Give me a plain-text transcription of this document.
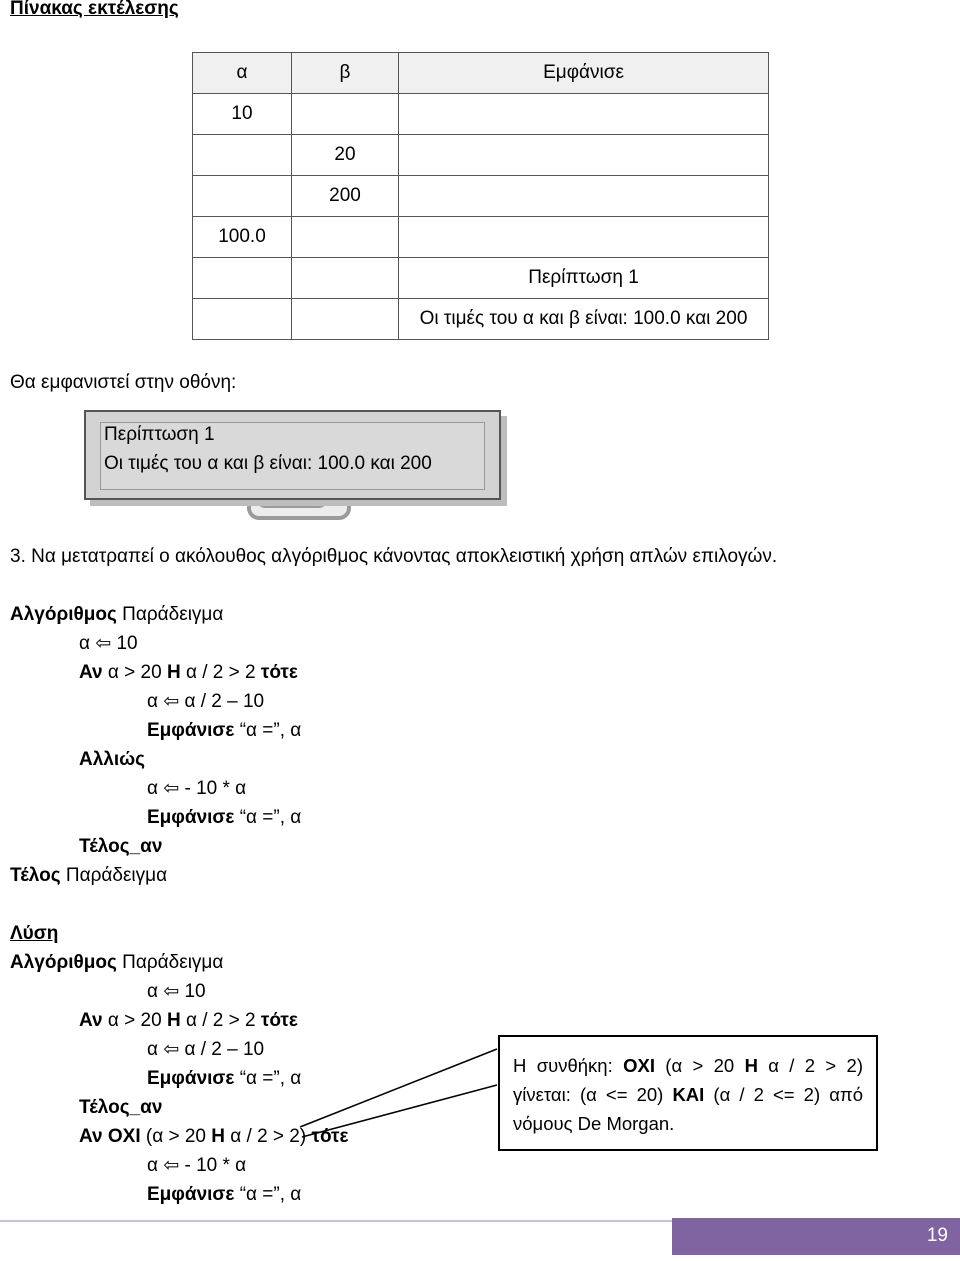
Πίνακας εκτέλεσης
α	β	Εμφάνισε
10		
	20	
	200	
100.0		
		Περίπτωση 1
		Οι τιμές του α και β είναι: 100.0 και 200
Θα εμφανιστεί στην οθόνη:
Περίπτωση 1
Οι τιμές του α και β είναι: 100.0 και 200
3. Να μετατραπεί ο ακόλουθος αλγόριθμος κάνοντας αποκλειστική χρήση απλών επιλογών.
Αλγόριθμος Παράδειγμα
α ⇦ 10
Αν α > 20 Η α / 2 > 2 τότε
α ⇦ α / 2 – 10
Εμφάνισε “α =”, α
Αλλιώς
α ⇦ - 10 * α
Εμφάνισε “α =”, α
Τέλος_αν
Τέλος Παράδειγμα
Λύση
Αλγόριθμος Παράδειγμα
α ⇦ 10
Αν α > 20 Η α / 2 > 2 τότε
α ⇦ α / 2 – 10
Εμφάνισε “α =”, α
Τέλος_αν
Αν ΟΧΙ (α > 20 Η α / 2 > 2) τότε
α ⇦ - 10 * α
Εμφάνισε “α =”, α

Η συνθήκη: ΟΧΙ (α > 20 Η α / 2 > 2) γίνεται: (α <= 20) ΚΑΙ (α / 2 <= 2) από νόμους De Morgan.

19
